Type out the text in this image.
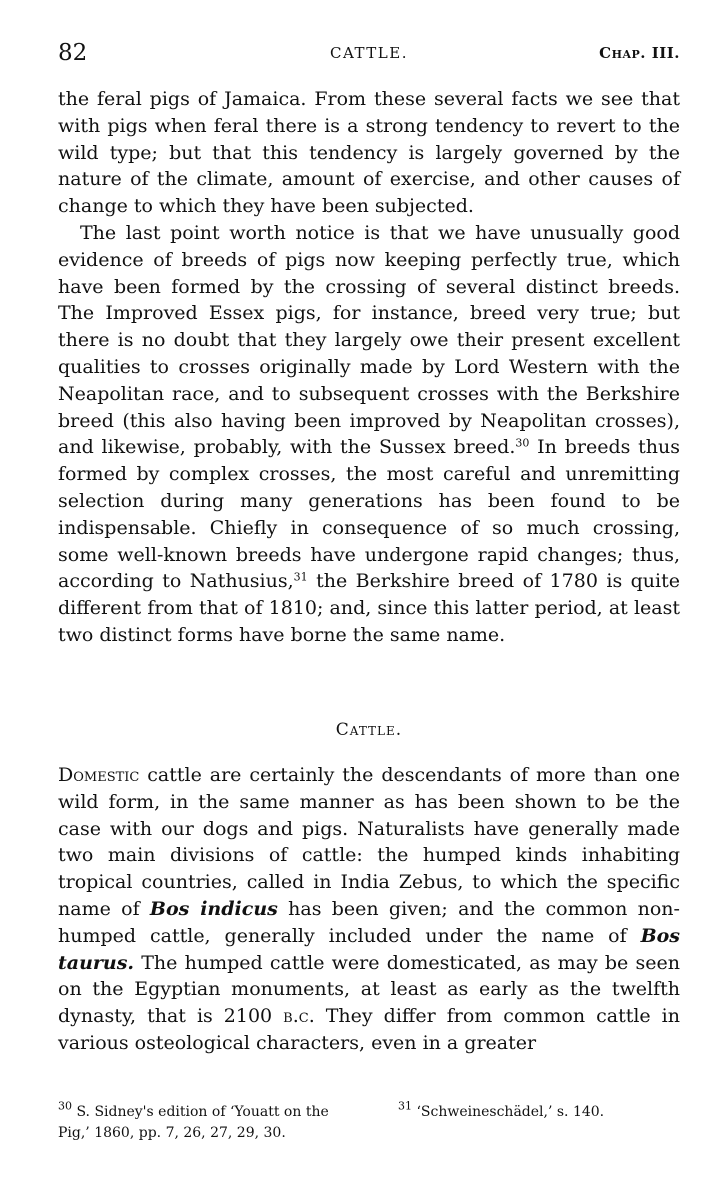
82	CATTLE.	Chap. III.

the feral pigs of Jamaica. From these several facts we see that with pigs when feral there is a strong tendency to revert to the wild type; but that this tendency is largely governed by the nature of the climate, amount of exercise, and other causes of change to which they have been subjected.

The last point worth notice is that we have unusually good evidence of breeds of pigs now keeping perfectly true, which have been formed by the crossing of several distinct breeds. The Improved Essex pigs, for instance, breed very true; but there is no doubt that they largely owe their present excellent qualities to crosses originally made by Lord Western with the Neapolitan race, and to subsequent crosses with the Berkshire breed (this also having been improved by Neapolitan crosses), and likewise, probably, with the Sussex breed.$^{30}$ In breeds thus formed by complex crosses, the most careful and unremitting selection during many generations has been found to be indispensable. Chiefly in consequence of so much crossing, some well-known breeds have undergone rapid changes; thus, according to Nathusius,$^{31}$ the Berkshire breed of 1780 is quite different from that of 1810; and, since this latter period, at least two distinct forms have borne the same name.

Cattle.

Domestic cattle are certainly the descendants of more than one wild form, in the same manner as has been shown to be the case with our dogs and pigs. Naturalists have generally made two main divisions of cattle: the humped kinds inhabiting tropical countries, called in India Zebus, to which the specific name of Bos indicus has been given; and the common non-humped cattle, generally included under the name of Bos taurus. The humped cattle were domesticated, as may be seen on the Egyptian monuments, at least as early as the twelfth dynasty, that is 2100 b.c. They differ from common cattle in various osteological characters, even in a greater

$^{30}$ S. Sidney's edition of ‘Youatt on the Pig,’ 1860, pp. 7, 26, 27, 29, 30.
$^{31}$ ‘Schweineschädel,’ s. 140.
